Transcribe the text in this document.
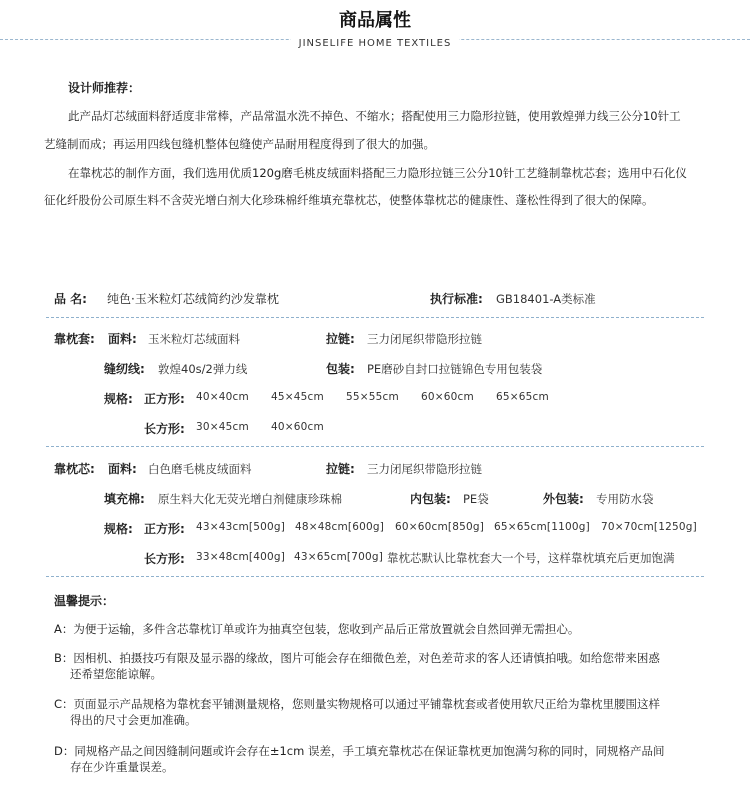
商品属性
JINSELIFE HOME TEXTILES
设计师推荐：
此产品灯芯绒面料舒适度非常棒，产品常温水洗不掉色、不缩水；搭配使用三力隐形拉链，使用敦煌弹力线三公分10针工
艺缝制而成；再运用四线包缝机整体包缝使产品耐用程度得到了很大的加强。
在靠枕芯的制作方面，我们选用优质120g磨毛桃皮绒面料搭配三力隐形拉链三公分10针工艺缝制靠枕芯套；选用中石化仪
征化纤股份公司原生料不含荧光增白剂大化珍珠棉纤维填充靠枕芯，使整体靠枕芯的健康性、蓬松性得到了很大的保障。
品 名: 纯色·玉米粒灯芯绒简约沙发靠枕	执行标准: GB18401-A类标准
靠枕套: 面料: 玉米粒灯芯绒面料	拉链: 三力闭尾织带隐形拉链
缝纫线: 敦煌40s/2弹力线	包装: PE磨砂自封口拉链锦色专用包装袋
规格: 正方形: 40×40cm 45×45cm 55×55cm 60×60cm 65×65cm
长方形: 30×45cm 40×60cm
靠枕芯: 面料: 白色磨毛桃皮绒面料	拉链: 三力闭尾织带隐形拉链
填充棉: 原生料大化无荧光增白剂健康珍珠棉	内包装: PE袋	外包装: 专用防水袋
规格: 正方形: 43×43cm[500g] 48×48cm[600g] 60×60cm[850g] 65×65cm[1100g] 70×70cm[1250g]
长方形: 33×48cm[400g] 43×65cm[700g] 靠枕芯默认比靠枕套大一个号，这样靠枕填充后更加饱满
温馨提示：
A：为便于运输，多件含芯靠枕订单或许为抽真空包装，您收到产品后正常放置就会自然回弹无需担心。
B：因相机、拍摄技巧有限及显示器的缘故，图片可能会存在细微色差，对色差苛求的客人还请慎拍哦。如给您带来困惑
还希望您能谅解。
C：页面显示产品规格为靠枕套平铺测量规格，您则量实物规格可以通过平铺靠枕套或者使用软尺正给为靠枕里腰围这样
得出的尺寸会更加准确。
D：同规格产品之间因缝制问题或许会存在±1cm 误差，手工填充靠枕芯在保证靠枕更加饱满匀称的同时，同规格产品间
存在少许重量误差。
